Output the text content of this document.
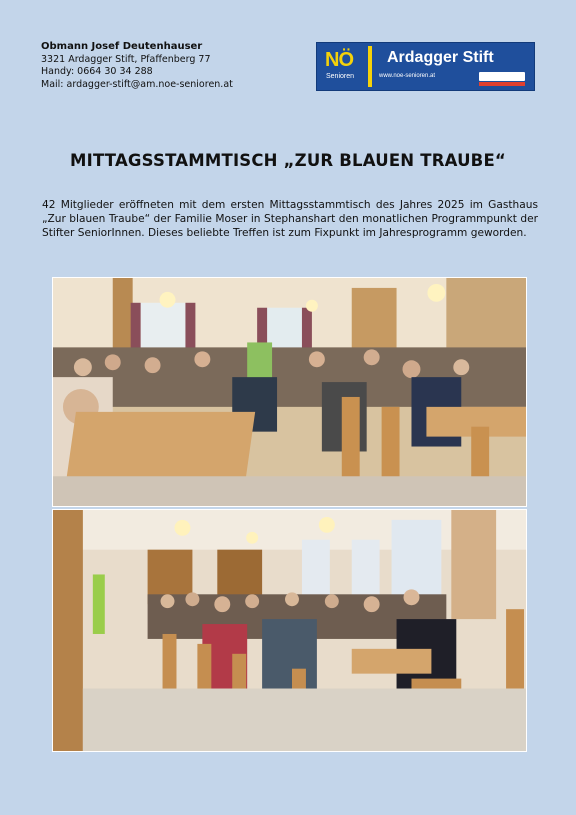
Obmann Josef Deutenhauser
3321 Ardagger Stift, Pfaffenberg 77
Handy: 0664 30 34 288
Mail: ardagger-stift@am.noe-senioren.at
NÖ
Senioren
Ardagger Stift
www.noe-senioren.at
MITTAGSSTAMMTISCH „ZUR BLAUEN TRAUBE“
42 Mitglieder eröffneten mit dem ersten Mittagsstammtisch des Jahres 2025 im Gasthaus „Zur blauen Traube“ der Familie Moser in Stephanshart den monatlichen Programmpunkt der Stifter SeniorInnen. Dieses beliebte Treffen ist zum Fixpunkt im Jahresprogramm geworden.
